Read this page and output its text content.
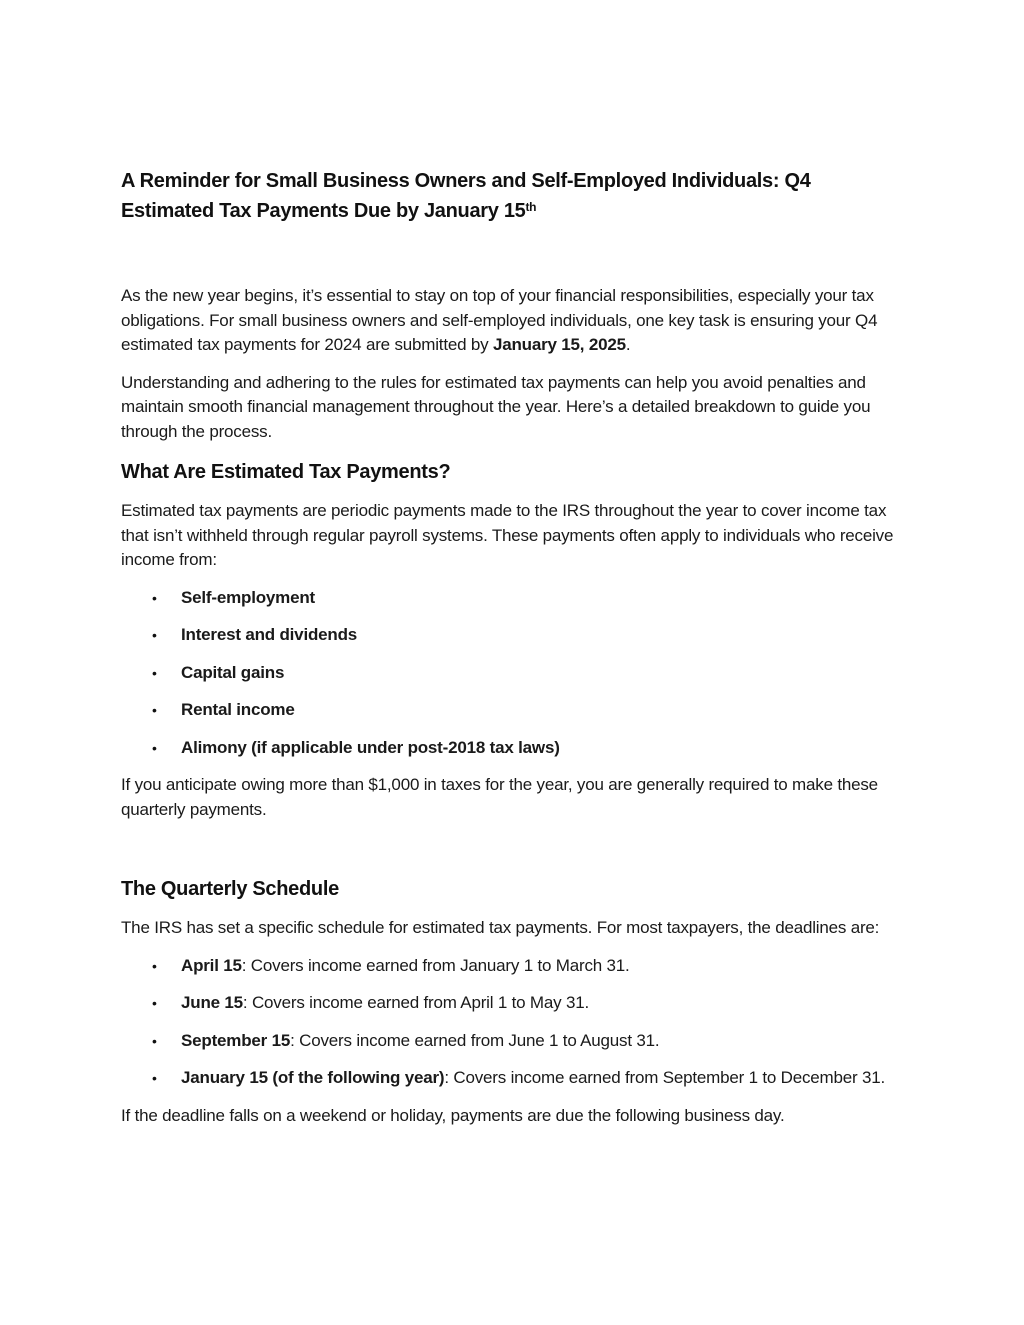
A Reminder for Small Business Owners and Self-Employed Individuals: Q4
Estimated Tax Payments Due by January 15th

As the new year begins, it’s essential to stay on top of your financial responsibilities, especially your tax obligations. For small business owners and self-employed individuals, one key task is ensuring your Q4 estimated tax payments for 2024 are submitted by January 15, 2025.

Understanding and adhering to the rules for estimated tax payments can help you avoid penalties and maintain smooth financial management throughout the year. Here’s a detailed breakdown to guide you through the process.

What Are Estimated Tax Payments?

Estimated tax payments are periodic payments made to the IRS throughout the year to cover income tax that isn’t withheld through regular payroll systems. These payments often apply to individuals who receive income from:

• Self-employment
• Interest and dividends
• Capital gains
• Rental income
• Alimony (if applicable under post-2018 tax laws)

If you anticipate owing more than $1,000 in taxes for the year, you are generally required to make these quarterly payments.

The Quarterly Schedule

The IRS has set a specific schedule for estimated tax payments. For most taxpayers, the deadlines are:

• April 15: Covers income earned from January 1 to March 31.
• June 15: Covers income earned from April 1 to May 31.
• September 15: Covers income earned from June 1 to August 31.
• January 15 (of the following year): Covers income earned from September 1 to December 31.

If the deadline falls on a weekend or holiday, payments are due the following business day.
